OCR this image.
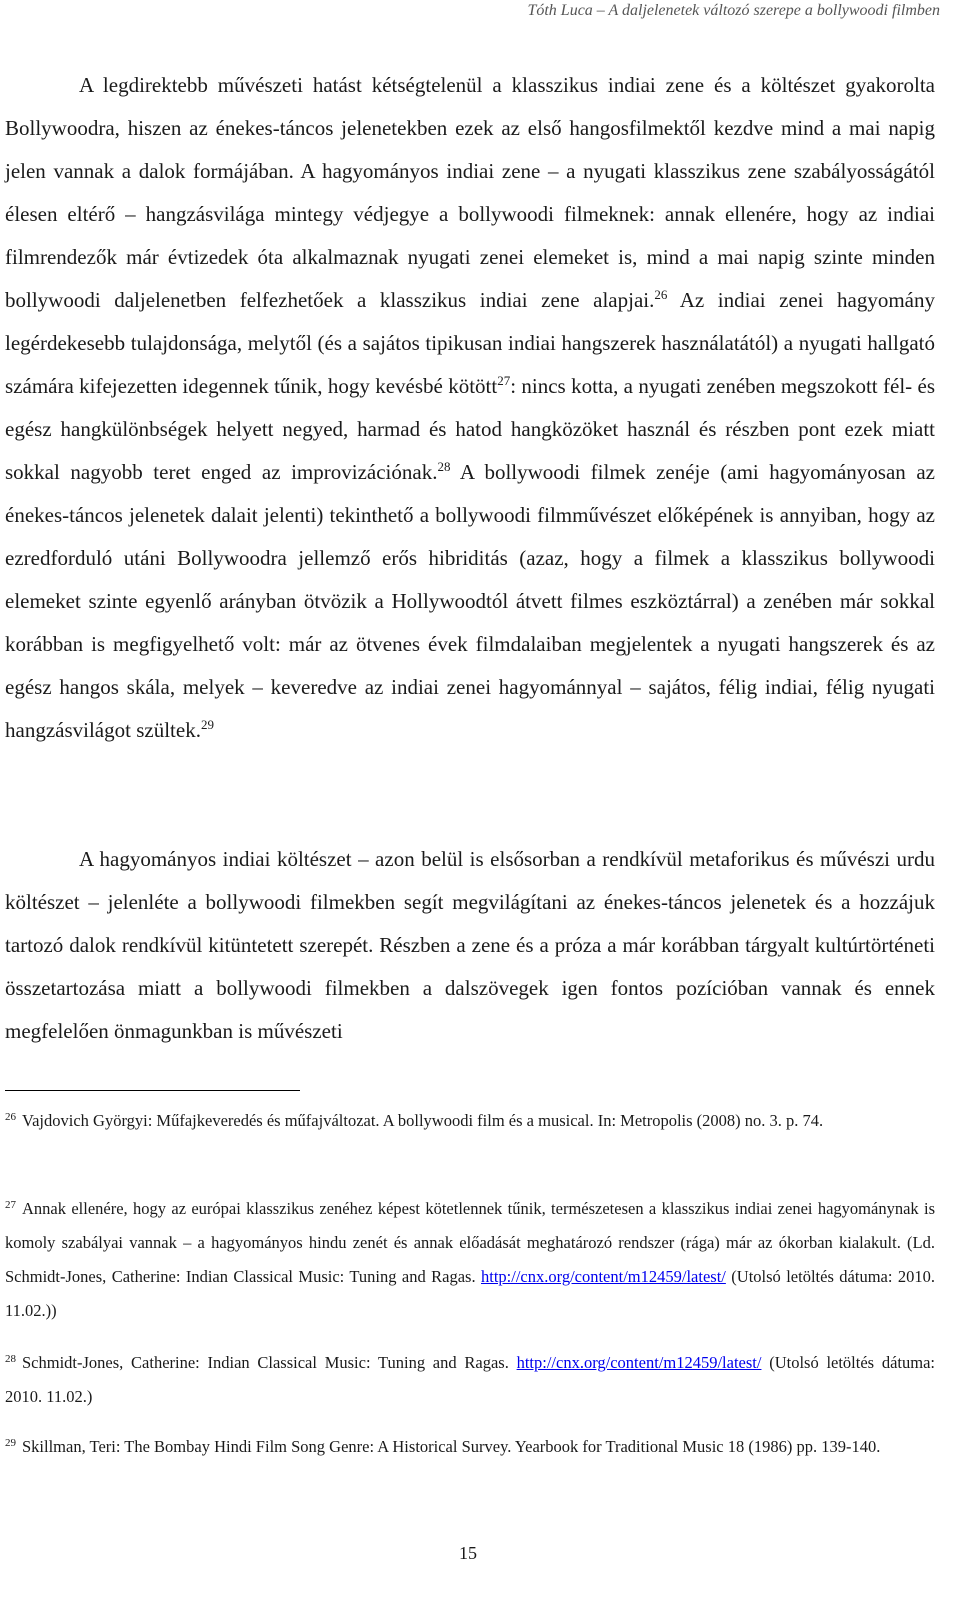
Tóth Luca – A daljelenetek változó szerepe a bollywoodi filmben

A legdirektebb művészeti hatást kétségtelenül a klasszikus indiai zene és a költészet gyakorolta Bollywoodra, hiszen az énekes-táncos jelenetekben ezek az első hangosfilmektől kezdve mind a mai napig jelen vannak a dalok formájában. A hagyományos indiai zene – a nyugati klasszikus zene szabályosságától élesen eltérő – hangzásvilága mintegy védjegye a bollywoodi filmeknek: annak ellenére, hogy az indiai filmrendezők már évtizedek óta alkalmaznak nyugati zenei elemeket is, mind a mai napig szinte minden bollywoodi daljelenetben felfezhetőek a klasszikus indiai zene alapjai.$^{26}$ Az indiai zenei hagyomány legérdekesebb tulajdonsága, melytől (és a sajátos tipikusan indiai hangszerek használatától) a nyugati hallgató számára kifejezetten idegennek tűnik, hogy kevésbé kötött$^{27}$: nincs kotta, a nyugati zenében megszokott fél- és egész hangkülönbségek helyett negyed, harmad és hatod hangközöket használ és részben pont ezek miatt sokkal nagyobb teret enged az improvizációnak.$^{28}$ A bollywoodi filmek zenéje (ami hagyományosan az énekes-táncos jelenetek dalait jelenti) tekinthető a bollywoodi filmművészet előképének is annyiban, hogy az ezredforduló utáni Bollywoodra jellemző erős hibriditás (azaz, hogy a filmek a klasszikus bollywoodi elemeket szinte egyenlő arányban ötvözik a Hollywoodtól átvett filmes eszköztárral) a zenében már sokkal korábban is megfigyelhető volt: már az ötvenes évek filmdalaiban megjelentek a nyugati hangszerek és az egész hangos skála, melyek – keveredve az indiai zenei hagyománnyal – sajátos, félig indiai, félig nyugati hangzásvilágot szültek.$^{29}$

A hagyományos indiai költészet – azon belül is elsősorban a rendkívül metaforikus és művészi urdu költészet – jelenléte a bollywoodi filmekben segít megvilágítani az énekes-táncos jelenetek és a hozzájuk tartozó dalok rendkívül kitüntetett szerepét. Részben a zene és a próza a már korábban tárgyalt kultúrtörténeti összetartozása miatt a bollywoodi filmekben a dalszövegek igen fontos pozícióban vannak és ennek megfelelően önmagunkban is művészeti

$^{26}$ Vajdovich Györgyi: Műfajkeveredés és műfajváltozat. A bollywoodi film és a musical. In: Metropolis (2008) no. 3. p. 74.

$^{27}$ Annak ellenére, hogy az európai klasszikus zenéhez képest kötetlennek tűnik, természetesen a klasszikus indiai zenei hagyománynak is komoly szabályai vannak – a hagyományos hindu zenét és annak előadását meghatározó rendszer (rága) már az ókorban kialakult. (Ld. Schmidt-Jones, Catherine: Indian Classical Music: Tuning and Ragas. http://cnx.org/content/m12459/latest/ (Utolsó letöltés dátuma: 2010. 11.02.))

$^{28}$ Schmidt-Jones, Catherine: Indian Classical Music: Tuning and Ragas. http://cnx.org/content/m12459/latest/ (Utolsó letöltés dátuma: 2010. 11.02.)

$^{29}$ Skillman, Teri: The Bombay Hindi Film Song Genre: A Historical Survey. Yearbook for Traditional Music 18 (1986) pp. 139-140.

15
